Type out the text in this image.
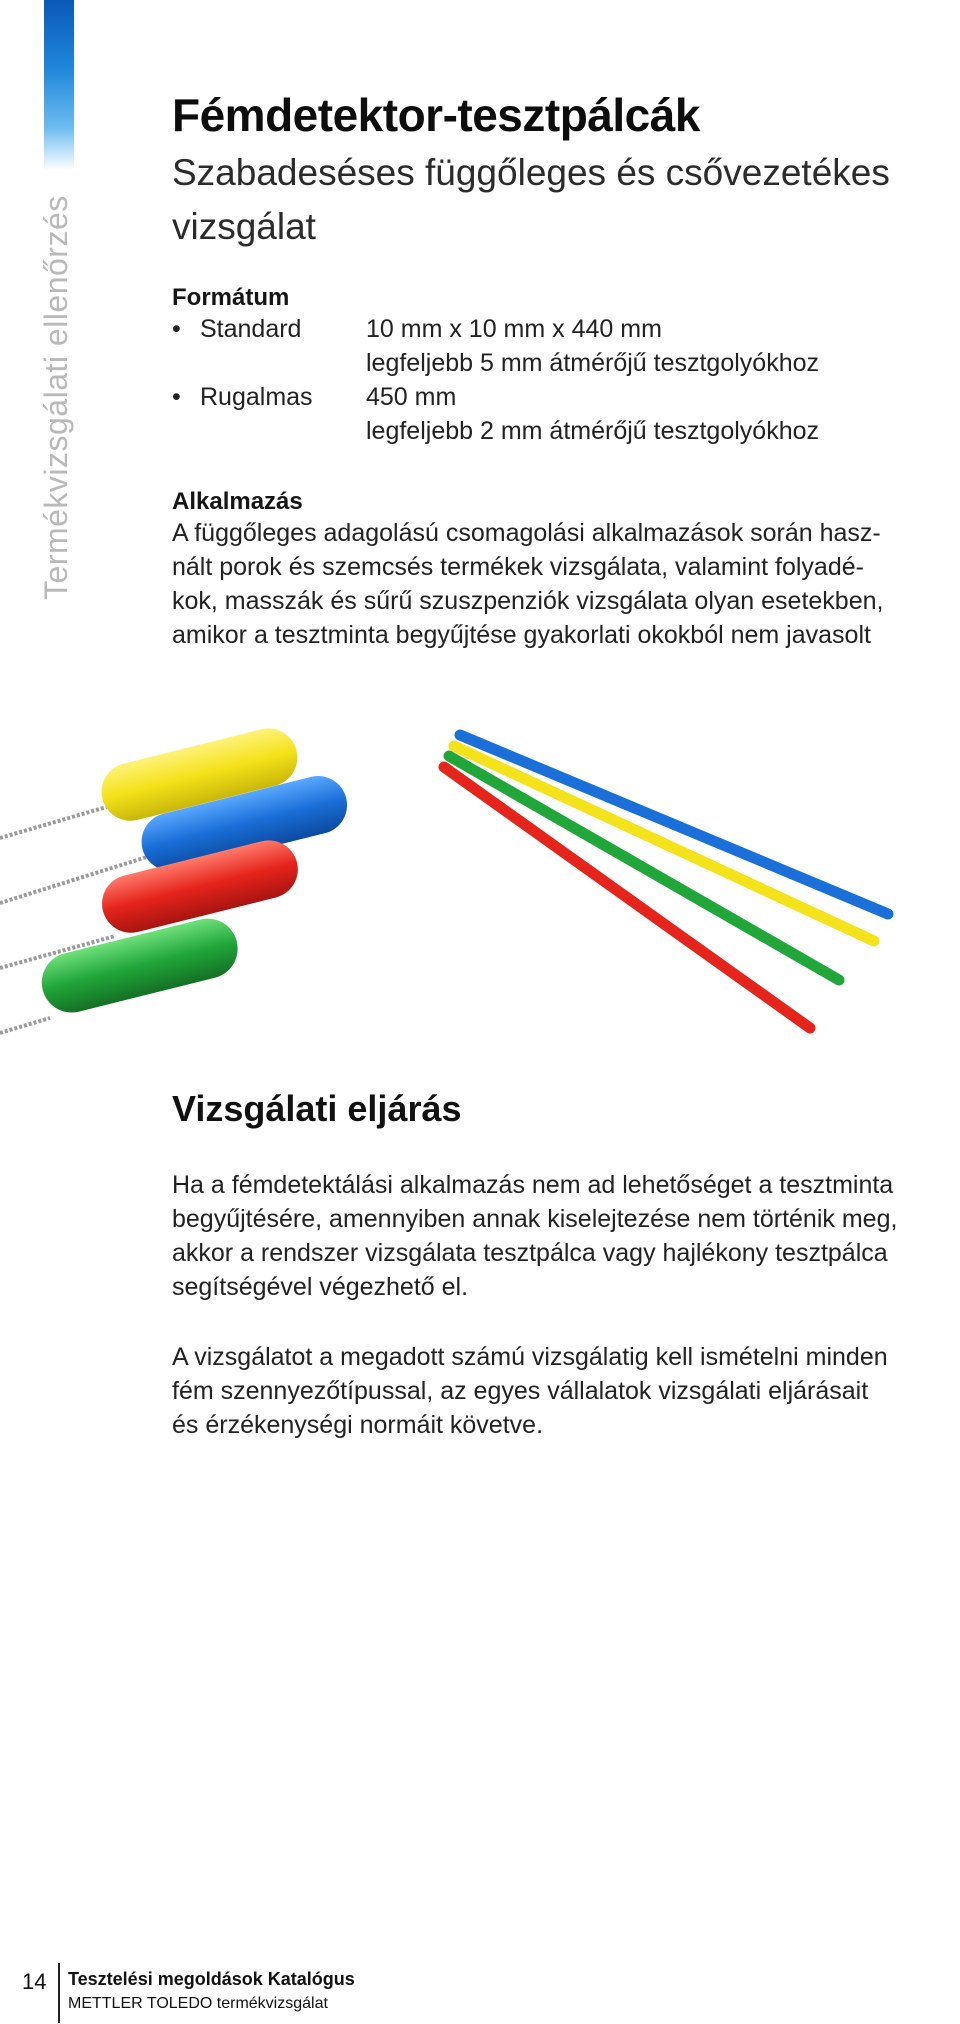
Termékvizsgálati ellenőrzés
Fémdetektor-tesztpálcák
Szabadeséses függőleges és csővezetékes
vizsgálat
Formátum
• Standard	10 mm x 10 mm x 440 mm
legfeljebb 5 mm átmérőjű tesztgolyókhoz
• Rugalmas	450 mm
legfeljebb 2 mm átmérőjű tesztgolyókhoz
Alkalmazás

A függőleges adagolású csomagolási alkalmazások során hasz-

nált porok és szemcsés termékek vizsgálata, valamint folyadé-

kok, masszák és sűrű szuszpenziók vizsgálata olyan esetekben,

amikor a tesztminta begyűjtése gyakorlati okokból nem javasolt

Vizsgálati eljárás

Ha a fémdetektálási alkalmazás nem ad lehetőséget a tesztminta

begyűjtésére, amennyiben annak kiselejtezése nem történik meg,

akkor a rendszer vizsgálata tesztpálca vagy hajlékony tesztpálca

segítségével végezhető el.

A vizsgálatot a megadott számú vizsgálatig kell ismételni minden

fém szennyezőtípussal, az egyes vállalatok vizsgálati eljárásait

és érzékenységi normáit követve.

14 Tesztelési megoldások Katalógus
METTLER TOLEDO termékvizsgálat
